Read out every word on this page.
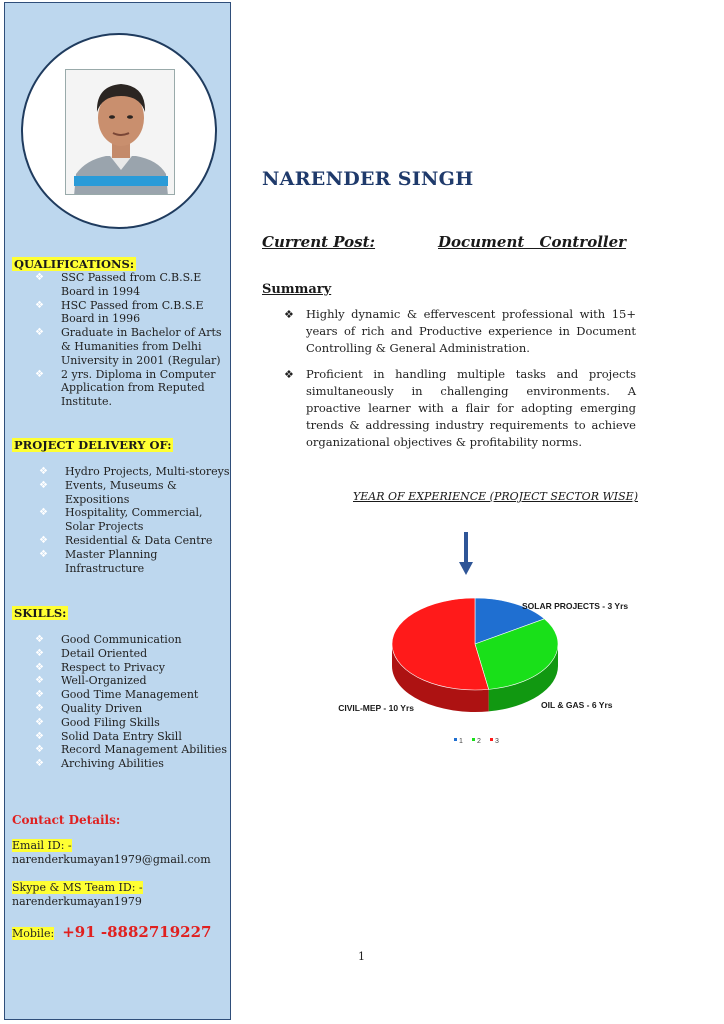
QUALIFICATIONS:
❖ SSC Passed from C.B.S.E
Board in 1994
❖ HSC Passed from C.B.S.E
Board in 1996
❖ Graduate in Bachelor of Arts
& Humanities from Delhi
University in 2001 (Regular)
❖ 2 yrs. Diploma in Computer
Application from Reputed
Institute.
PROJECT DELIVERY OF:
❖ Hydro Projects, Multi-storeys
❖ Events, Museums &
Expositions
❖ Hospitality, Commercial,
Solar Projects
❖ Residential & Data Centre
❖ Master Planning
Infrastructure
SKILLS:
❖ Good Communication
❖ Detail Oriented
❖ Respect to Privacy
❖ Well-Organized
❖ Good Time Management
❖ Quality Driven
❖ Good Filing Skills
❖ Solid Data Entry Skill
❖ Record Management Abilities
❖ Archiving Abilities
Contact Details:
Email ID: -
narenderkumayan1979@gmail.com
Skype & MS Team ID: -
narenderkumayan1979
Mobile: +91 -8882719227
NARENDER SINGH
Current Post:	Document Controller
Summary
❖ Highly dynamic & effervescent professional with 15+ years of rich and Productive experience in Document Controlling & General Administration.
❖ Proficient in handling multiple tasks and projects simultaneously in challenging environments. A proactive learner with a flair for adopting emerging trends & addressing industry requirements to achieve organizational objectives & profitability norms.
YEAR OF EXPERIENCE (PROJECT SECTOR WISE)
SOLAR PROJECTS - 3 Yrs
OIL & GAS - 6 Yrs
CIVIL-MEP - 10 Yrs
1 2 3
1
